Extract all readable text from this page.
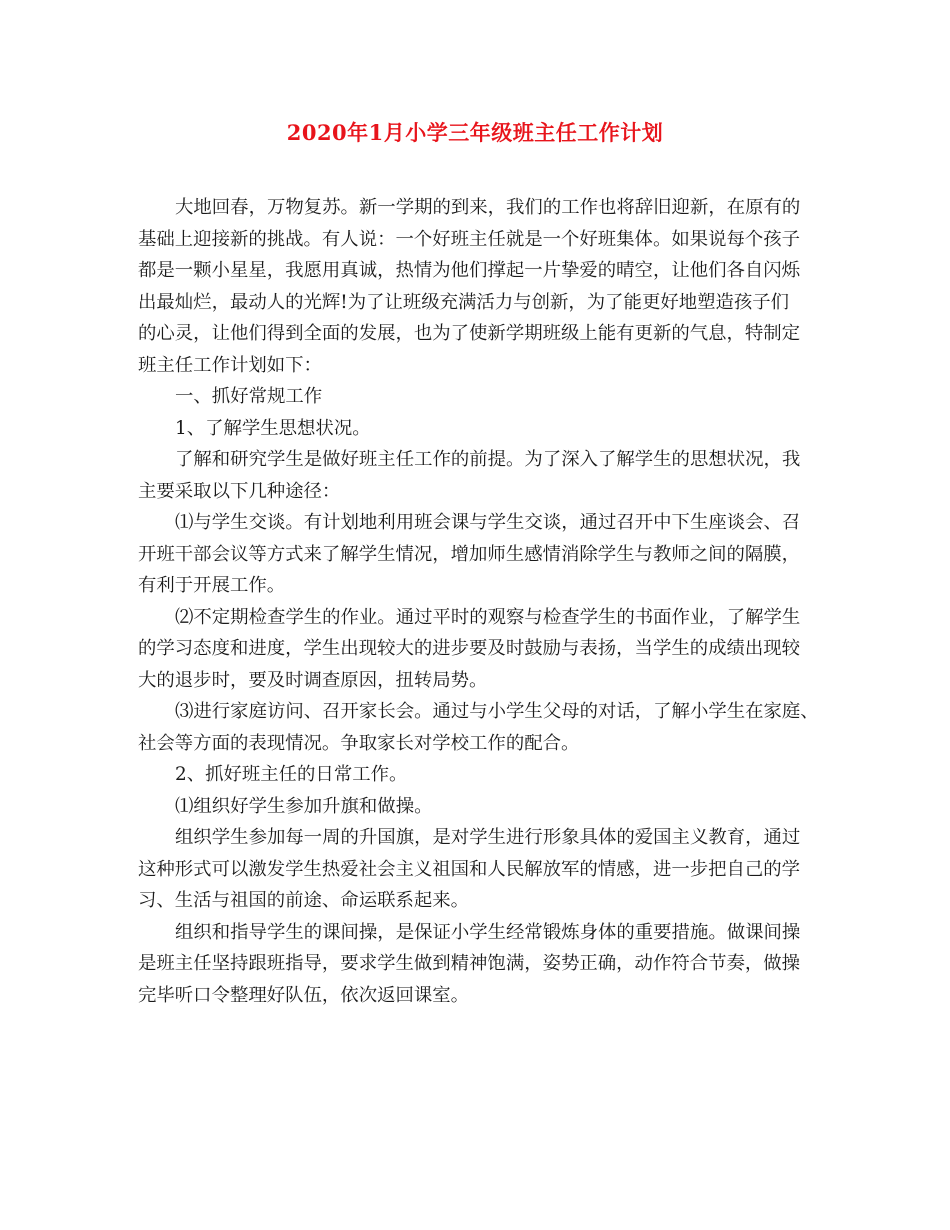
2020年1月小学三年级班主任工作计划
大地回春，万物复苏。新一学期的到来，我们的工作也将辞旧迎新，在原有的
基础上迎接新的挑战。有人说：一个好班主任就是一个好班集体。如果说每个孩子
都是一颗小星星，我愿用真诚，热情为他们撑起一片挚爱的晴空，让他们各自闪烁
出最灿烂，最动人的光辉!为了让班级充满活力与创新，为了能更好地塑造孩子们
的心灵，让他们得到全面的发展，也为了使新学期班级上能有更新的气息，特制定
班主任工作计划如下：
一、抓好常规工作
1、了解学生思想状况。
了解和研究学生是做好班主任工作的前提。为了深入了解学生的思想状况，我
主要采取以下几种途径：
⑴与学生交谈。有计划地利用班会课与学生交谈，通过召开中下生座谈会、召
开班干部会议等方式来了解学生情况，增加师生感情消除学生与教师之间的隔膜，
有利于开展工作。
⑵不定期检查学生的作业。通过平时的观察与检查学生的书面作业，了解学生
的学习态度和进度，学生出现较大的进步要及时鼓励与表扬，当学生的成绩出现较
大的退步时，要及时调查原因，扭转局势。
⑶进行家庭访问、召开家长会。通过与小学生父母的对话，了解小学生在家庭、
社会等方面的表现情况。争取家长对学校工作的配合。
2、抓好班主任的日常工作。
⑴组织好学生参加升旗和做操。
组织学生参加每一周的升国旗，是对学生进行形象具体的爱国主义教育，通过
这种形式可以激发学生热爱社会主义祖国和人民解放军的情感，进一步把自己的学
习、生活与祖国的前途、命运联系起来。
组织和指导学生的课间操，是保证小学生经常锻炼身体的重要措施。做课间操
是班主任坚持跟班指导，要求学生做到精神饱满，姿势正确，动作符合节奏，做操
完毕听口令整理好队伍，依次返回课室。
